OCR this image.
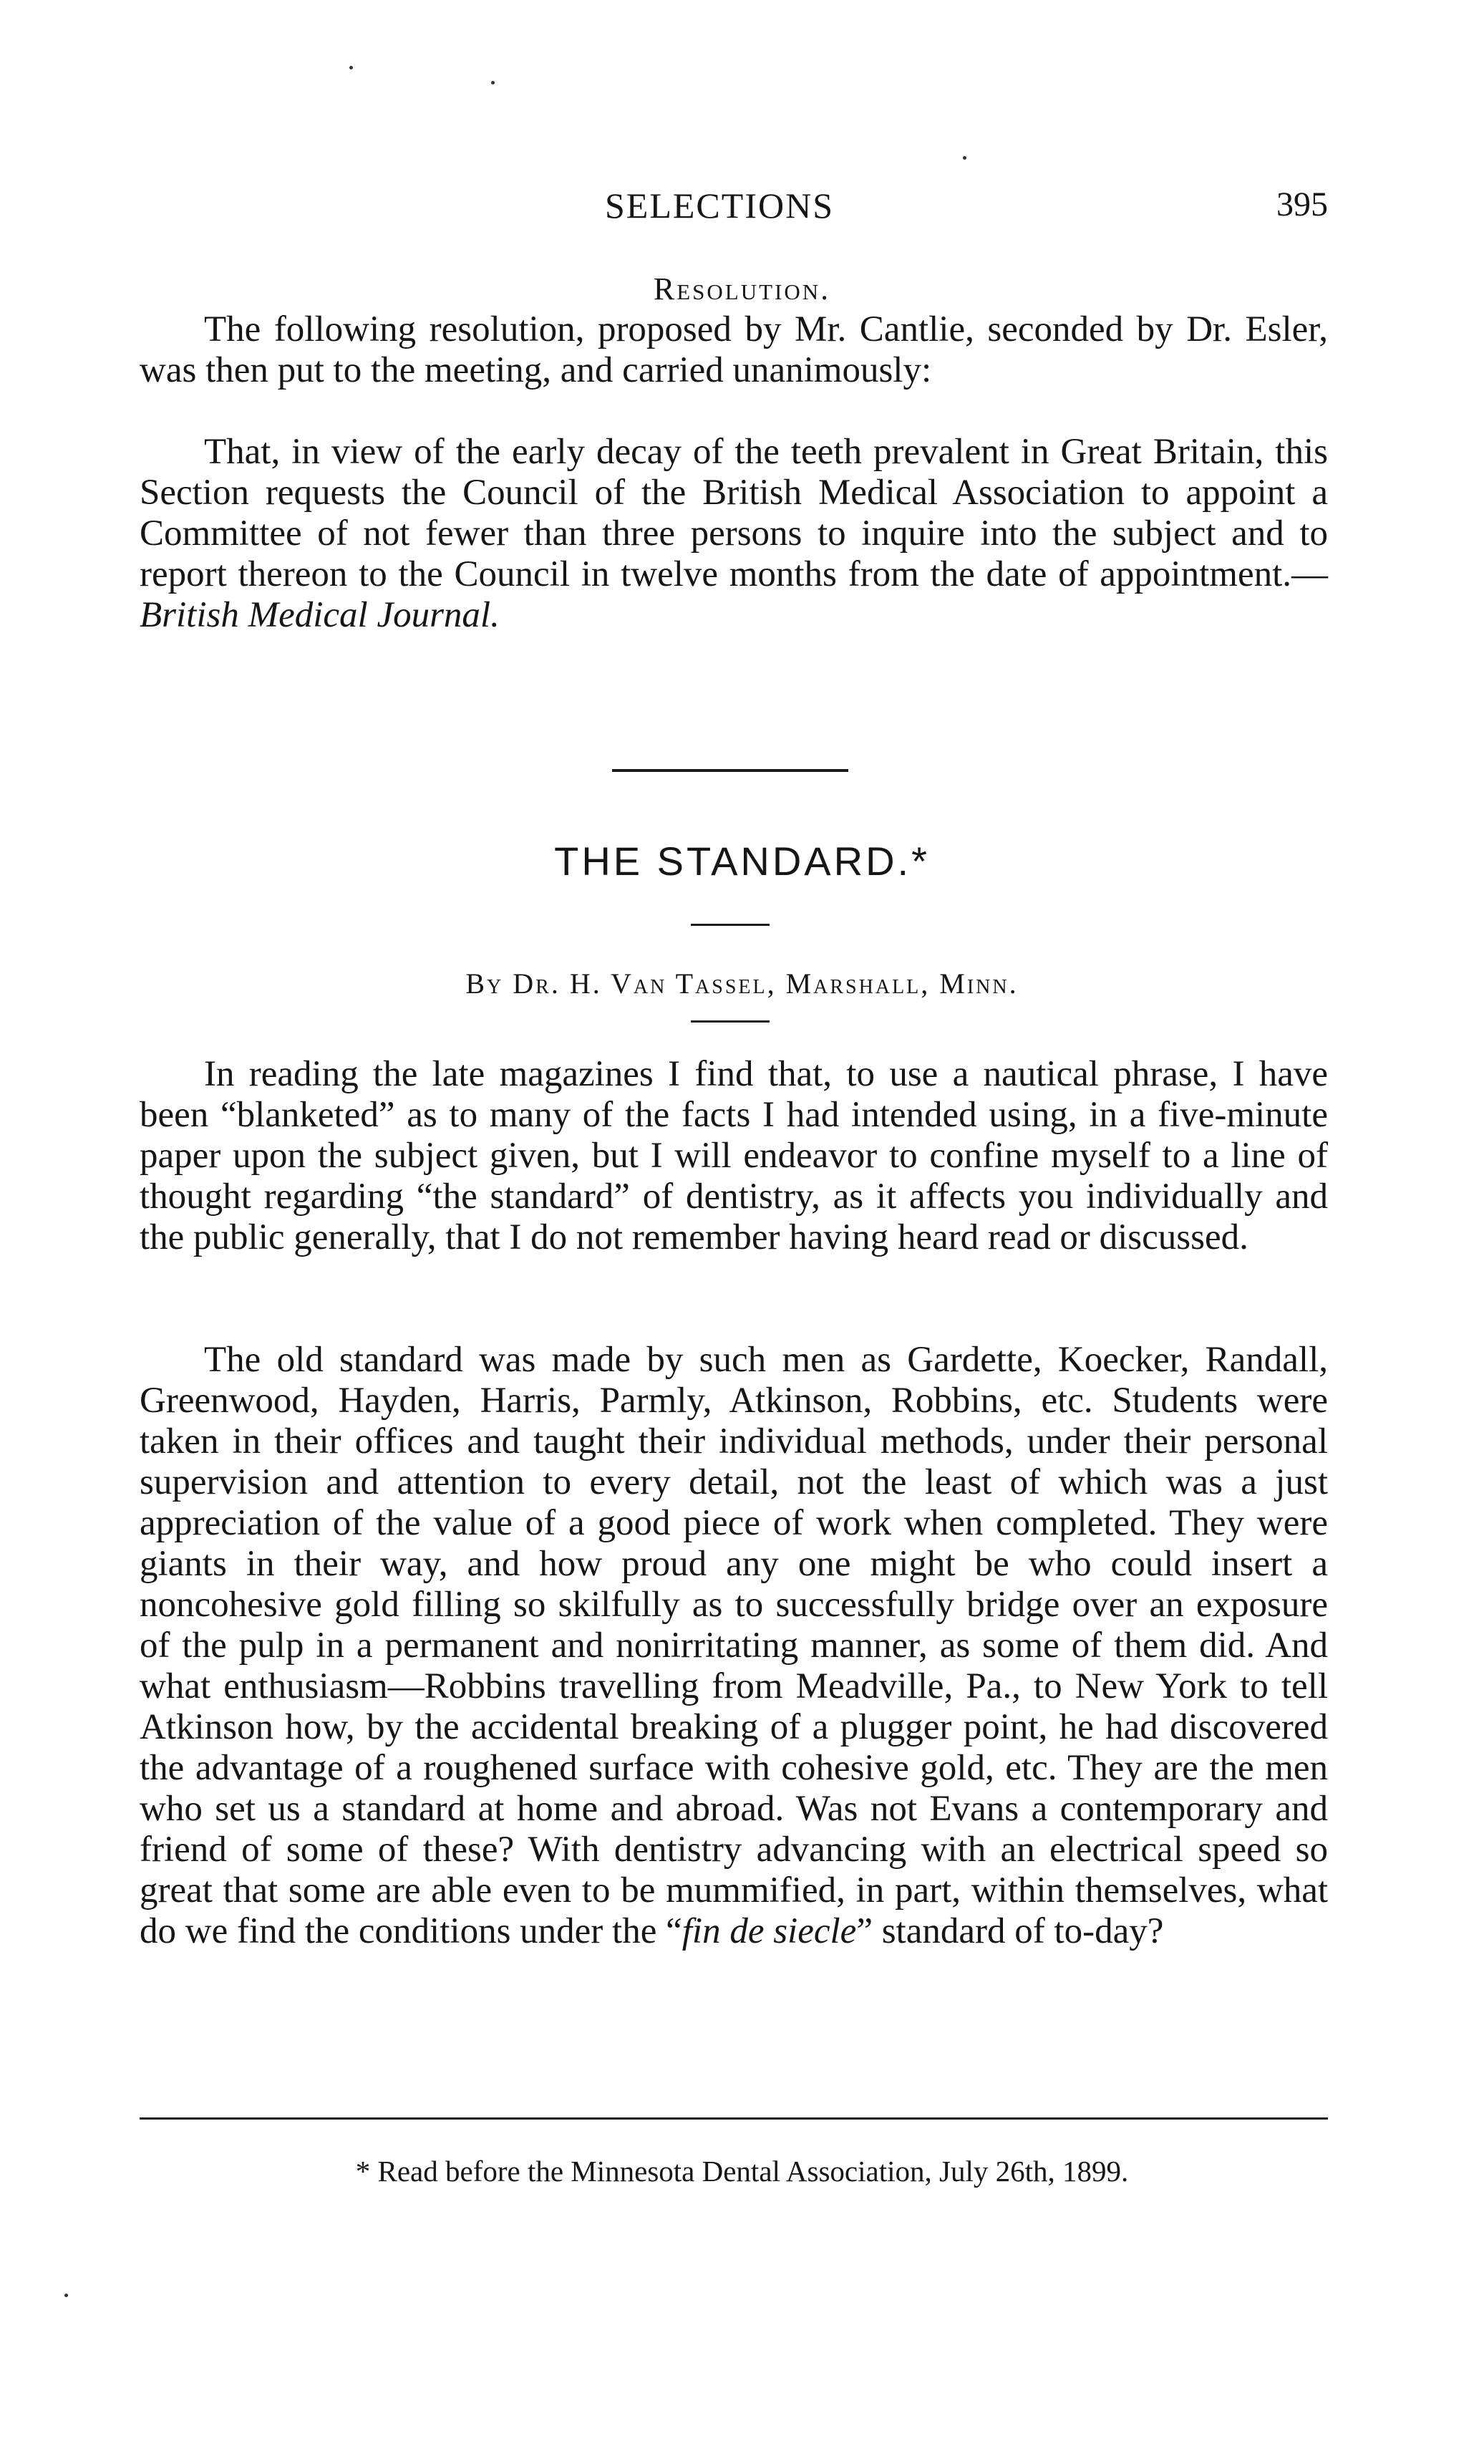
SELECTIONS	395
Resolution.

The following resolution, proposed by Mr. Cantlie, seconded by Dr. Esler, was then put to the meeting, and carried unanimously:

That, in view of the early decay of the teeth prevalent in Great Britain, this Section requests the Council of the British Medical Association to appoint a Committee of not fewer than three persons to inquire into the subject and to report thereon to the Council in twelve months from the date of appointment.— British Medical Journal.

THE STANDARD.*
By Dr. H. Van Tassel, Marshall, Minn.

In reading the late magazines I find that, to use a nautical phrase, I have been “blanketed” as to many of the facts I had intended using, in a five-minute paper upon the subject given, but I will endeavor to confine myself to a line of thought regarding “the standard” of dentistry, as it affects you individually and the public generally, that I do not remember having heard read or discussed.

The old standard was made by such men as Gardette, Koecker, Randall, Greenwood, Hayden, Harris, Parmly, Atkinson, Robbins, etc. Students were taken in their offices and taught their individual methods, under their personal supervision and attention to every detail, not the least of which was a just appreciation of the value of a good piece of work when completed. They were giants in their way, and how proud any one might be who could insert a noncohesive gold filling so skilfully as to successfully bridge over an exposure of the pulp in a permanent and nonirritating manner, as some of them did. And what enthusiasm—Robbins travelling from Meadville, Pa., to New York to tell Atkinson how, by the accidental breaking of a plugger point, he had discovered the advantage of a roughened surface with cohesive gold, etc. They are the men who set us a standard at home and abroad. Was not Evans a contemporary and friend of some of these? With dentistry advancing with an electrical speed so great that some are able even to be mummified, in part, within themselves, what do we find the conditions under the “fin de siecle” standard of to-day?

* Read before the Minnesota Dental Association, July 26th, 1899.
